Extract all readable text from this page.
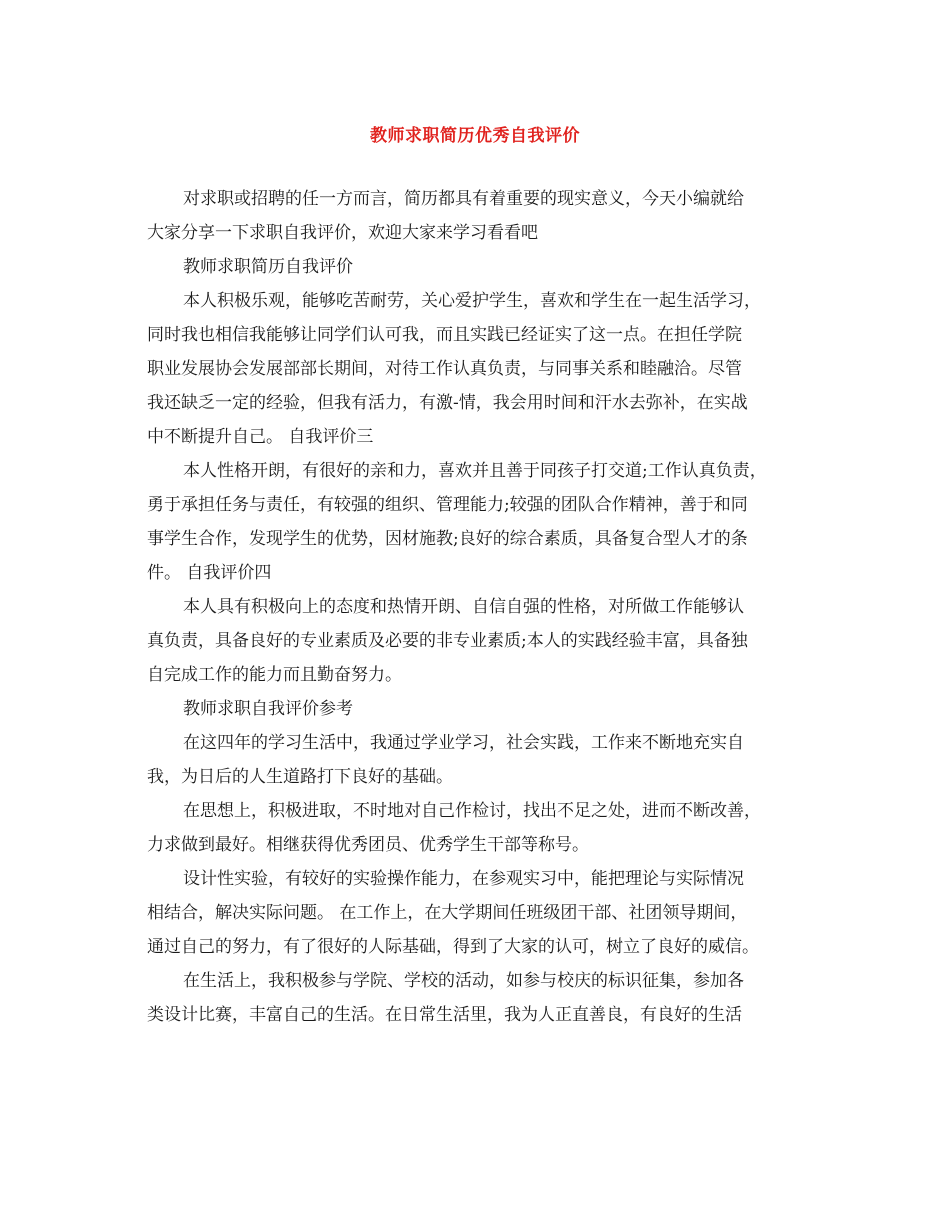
教师求职简历优秀自我评价
对求职或招聘的任一方而言，简历都具有着重要的现实意义，今天小编就给
大家分享一下求职自我评价，欢迎大家来学习看看吧
教师求职简历自我评价
本人积极乐观，能够吃苦耐劳，关心爱护学生，喜欢和学生在一起生活学习，
同时我也相信我能够让同学们认可我，而且实践已经证实了这一点。在担任学院
职业发展协会发展部部长期间，对待工作认真负责，与同事关系和睦融洽。尽管
我还缺乏一定的经验，但我有活力，有激-情，我会用时间和汗水去弥补，在实战
中不断提升自己。 自我评价三
本人性格开朗，有很好的亲和力，喜欢并且善于同孩子打交道;工作认真负责，
勇于承担任务与责任，有较强的组织、管理能力;较强的团队合作精神，善于和同
事学生合作，发现学生的优势，因材施教;良好的综合素质，具备复合型人才的条
件。 自我评价四
本人具有积极向上的态度和热情开朗、自信自强的性格，对所做工作能够认
真负责，具备良好的专业素质及必要的非专业素质;本人的实践经验丰富，具备独
自完成工作的能力而且勤奋努力。
教师求职自我评价参考
在这四年的学习生活中，我通过学业学习，社会实践，工作来不断地充实自
我，为日后的人生道路打下良好的基础。
在思想上，积极进取，不时地对自己作检讨，找出不足之处，进而不断改善，
力求做到最好。相继获得优秀团员、优秀学生干部等称号。
设计性实验，有较好的实验操作能力，在参观实习中，能把理论与实际情况
相结合，解决实际问题。 在工作上，在大学期间任班级团干部、社团领导期间，
通过自己的努力，有了很好的人际基础，得到了大家的认可，树立了良好的威信。
在生活上，我积极参与学院、学校的活动，如参与校庆的标识征集，参加各
类设计比赛，丰富自己的生活。在日常生活里，我为人正直善良，有良好的生活
